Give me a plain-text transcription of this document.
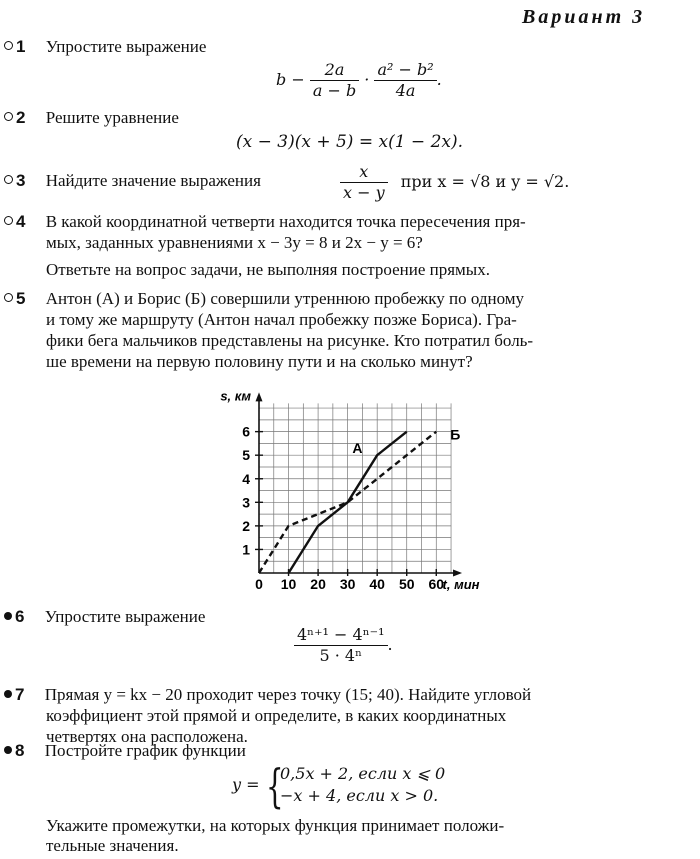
Вариант 3
1 Упростите выражение
$b - \frac{2a}{a - b} \cdot \frac{\text{a² − b²}}{4a}$ .
2 Решите уравнение
(x − 3)(x + 5) = x(1 − 2x).
3 Найдите значение выражения	$\frac{x}{x - y}$ при x = √8 и y = √2.
4 В какой координатной четверти находится точка пересечения пря-
мых, заданных уравнениями x − 3y = 8 и 2x − y = 6?
Ответьте на вопрос задачи, не выполняя построение прямых.
5 Антон (А) и Борис (Б) совершили утреннюю пробежку по одному
и тому же маршруту (Антон начал пробежку позже Бориса). Гра-
фики бега мальчиков представлены на рисунке. Кто потратил боль-
ше времени на первую половину пути и на сколько минут?
0 10 20 30 40 50 60
1
2
3
4
5
6
s, км
t, мин
А
Б
6 Упростите выражение
$\frac{\text{4ⁿ⁺¹ − 4ⁿ⁻¹}}{\text{5 · 4ⁿ}}$ .
7 Прямая y = kx − 20 проходит через точку (15; 40). Найдите угловой
коэффициент этой прямой и определите, в каких координатных
четвертях она расположена.
8 Постройте график функции
y = {
0,5x + 2, если x ⩽ 0
−x + 4, если x > 0.
Укажите промежутки, на которых функция принимает положи-
тельные значения.
